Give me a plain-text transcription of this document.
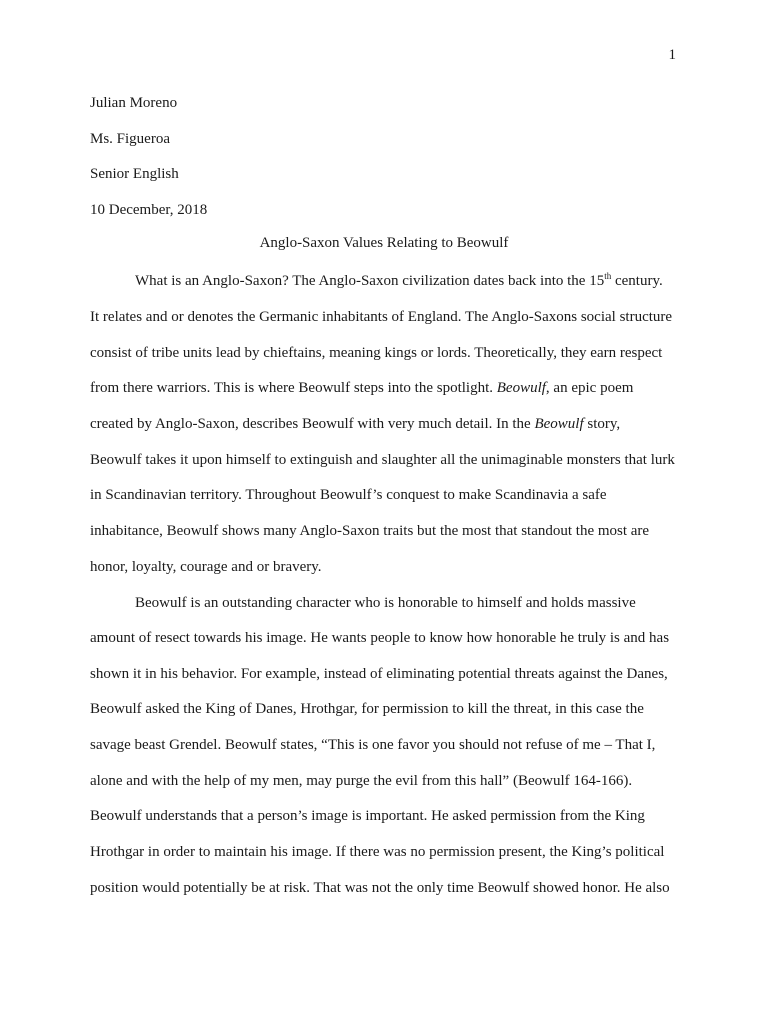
1
Julian Moreno
Ms. Figueroa
Senior English
10 December, 2018
Anglo-Saxon Values Relating to Beowulf
What is an Anglo-Saxon? The Anglo-Saxon civilization dates back into the 15th century.
It relates and or denotes the Germanic inhabitants of England. The Anglo-Saxons social structure
consist of tribe units lead by chieftains, meaning kings or lords. Theoretically, they earn respect
from there warriors. This is where Beowulf steps into the spotlight. Beowulf, an epic poem
created by Anglo-Saxon, describes Beowulf with very much detail. In the Beowulf story,
Beowulf takes it upon himself to extinguish and slaughter all the unimaginable monsters that lurk
in Scandinavian territory. Throughout Beowulf’s conquest to make Scandinavia a safe
inhabitance, Beowulf shows many Anglo-Saxon traits but the most that standout the most are
honor, loyalty, courage and or bravery.
Beowulf is an outstanding character who is honorable to himself and holds massive
amount of resect towards his image. He wants people to know how honorable he truly is and has
shown it in his behavior. For example, instead of eliminating potential threats against the Danes,
Beowulf asked the King of Danes, Hrothgar, for permission to kill the threat, in this case the
savage beast Grendel. Beowulf states, “This is one favor you should not refuse of me – That I,
alone and with the help of my men, may purge the evil from this hall” (Beowulf 164-166).
Beowulf understands that a person’s image is important. He asked permission from the King
Hrothgar in order to maintain his image. If there was no permission present, the King’s political
position would potentially be at risk. That was not the only time Beowulf showed honor. He also
